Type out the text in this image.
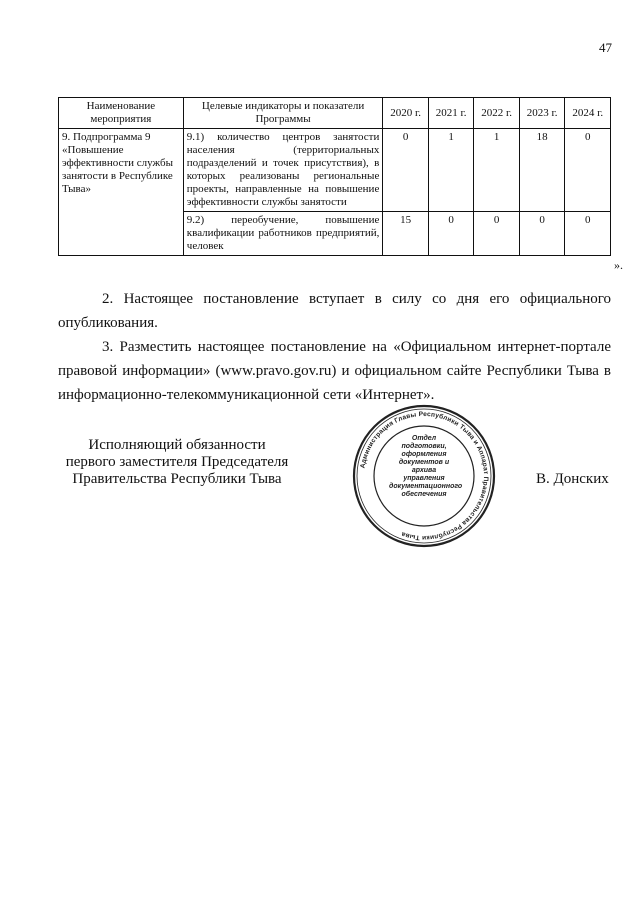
47
Наименование мероприятия	Целевые индикаторы и показатели Программы	2020 г.	2021 г.	2022 г.	2023 г.	2024 г.
9. Подпрограмма 9 «Повышение эффективности службы занятости в Республике Тыва»	9.1) количество центров занятости населения (территориальных подразделений и точек присутствия), в которых реализованы региональные проекты, направленные на повышение эффективности службы занятости	0	1	1	18	0
	9.2) переобучение, повышение квалификации работников предприятий, человек	15	0	0	0	0
».

2. Настоящее постановление вступает в силу со дня его официального опубликования.

3. Разместить настоящее постановление на «Официальном интернет-портале правовой информации» (www.pravo.gov.ru) и официальном сайте Республики Тыва в информационно-телекоммуникационной сети «Интернет».

Исполняющий обязанности
первого заместителя Председателя
Правительства Республики Тыва
Администрация Главы Республики Тыва и Аппарат Правительства Республики Тыва
Отдел
подготовки,
оформления
документов и архива
управления
документационного
обеспечения
В. Донских
